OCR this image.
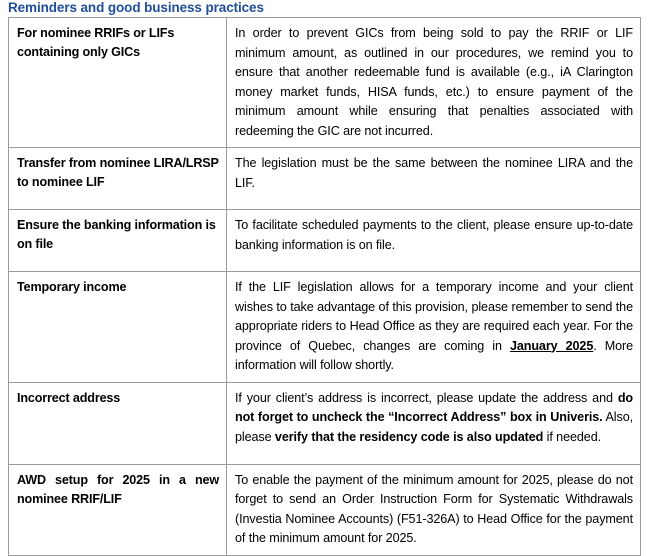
Reminders and good business practices
For nominee RRIFs or LIFs containing only GICs	In order to prevent GICs from being sold to pay the RRIF or LIF minimum amount, as outlined in our procedures, we remind you to ensure that another redeemable fund is available (e.g., iA Clarington money market funds, HISA funds, etc.) to ensure payment of the minimum amount while ensuring that penalties associated with redeeming the GIC are not incurred.
Transfer from nominee LIRA/LRSP to nominee LIF	The legislation must be the same between the nominee LIRA and the LIF.
Ensure the banking information is on file	To facilitate scheduled payments to the client, please ensure up-to-date banking information is on file.
Temporary income	If the LIF legislation allows for a temporary income and your client wishes to take advantage of this provision, please remember to send the appropriate riders to Head Office as they are required each year. For the province of Quebec, changes are coming in January 2025. More information will follow shortly.
Incorrect address	If your client’s address is incorrect, please update the address and do not forget to uncheck the “Incorrect Address” box in Univeris. Also, please verify that the residency code is also updated if needed.
AWD setup for 2025 in a new nominee RRIF/LIF	To enable the payment of the minimum amount for 2025, please do not forget to send an Order Instruction Form for Systematic Withdrawals (Investia Nominee Accounts) (F51-326A) to Head Office for the payment of the minimum amount for 2025.
